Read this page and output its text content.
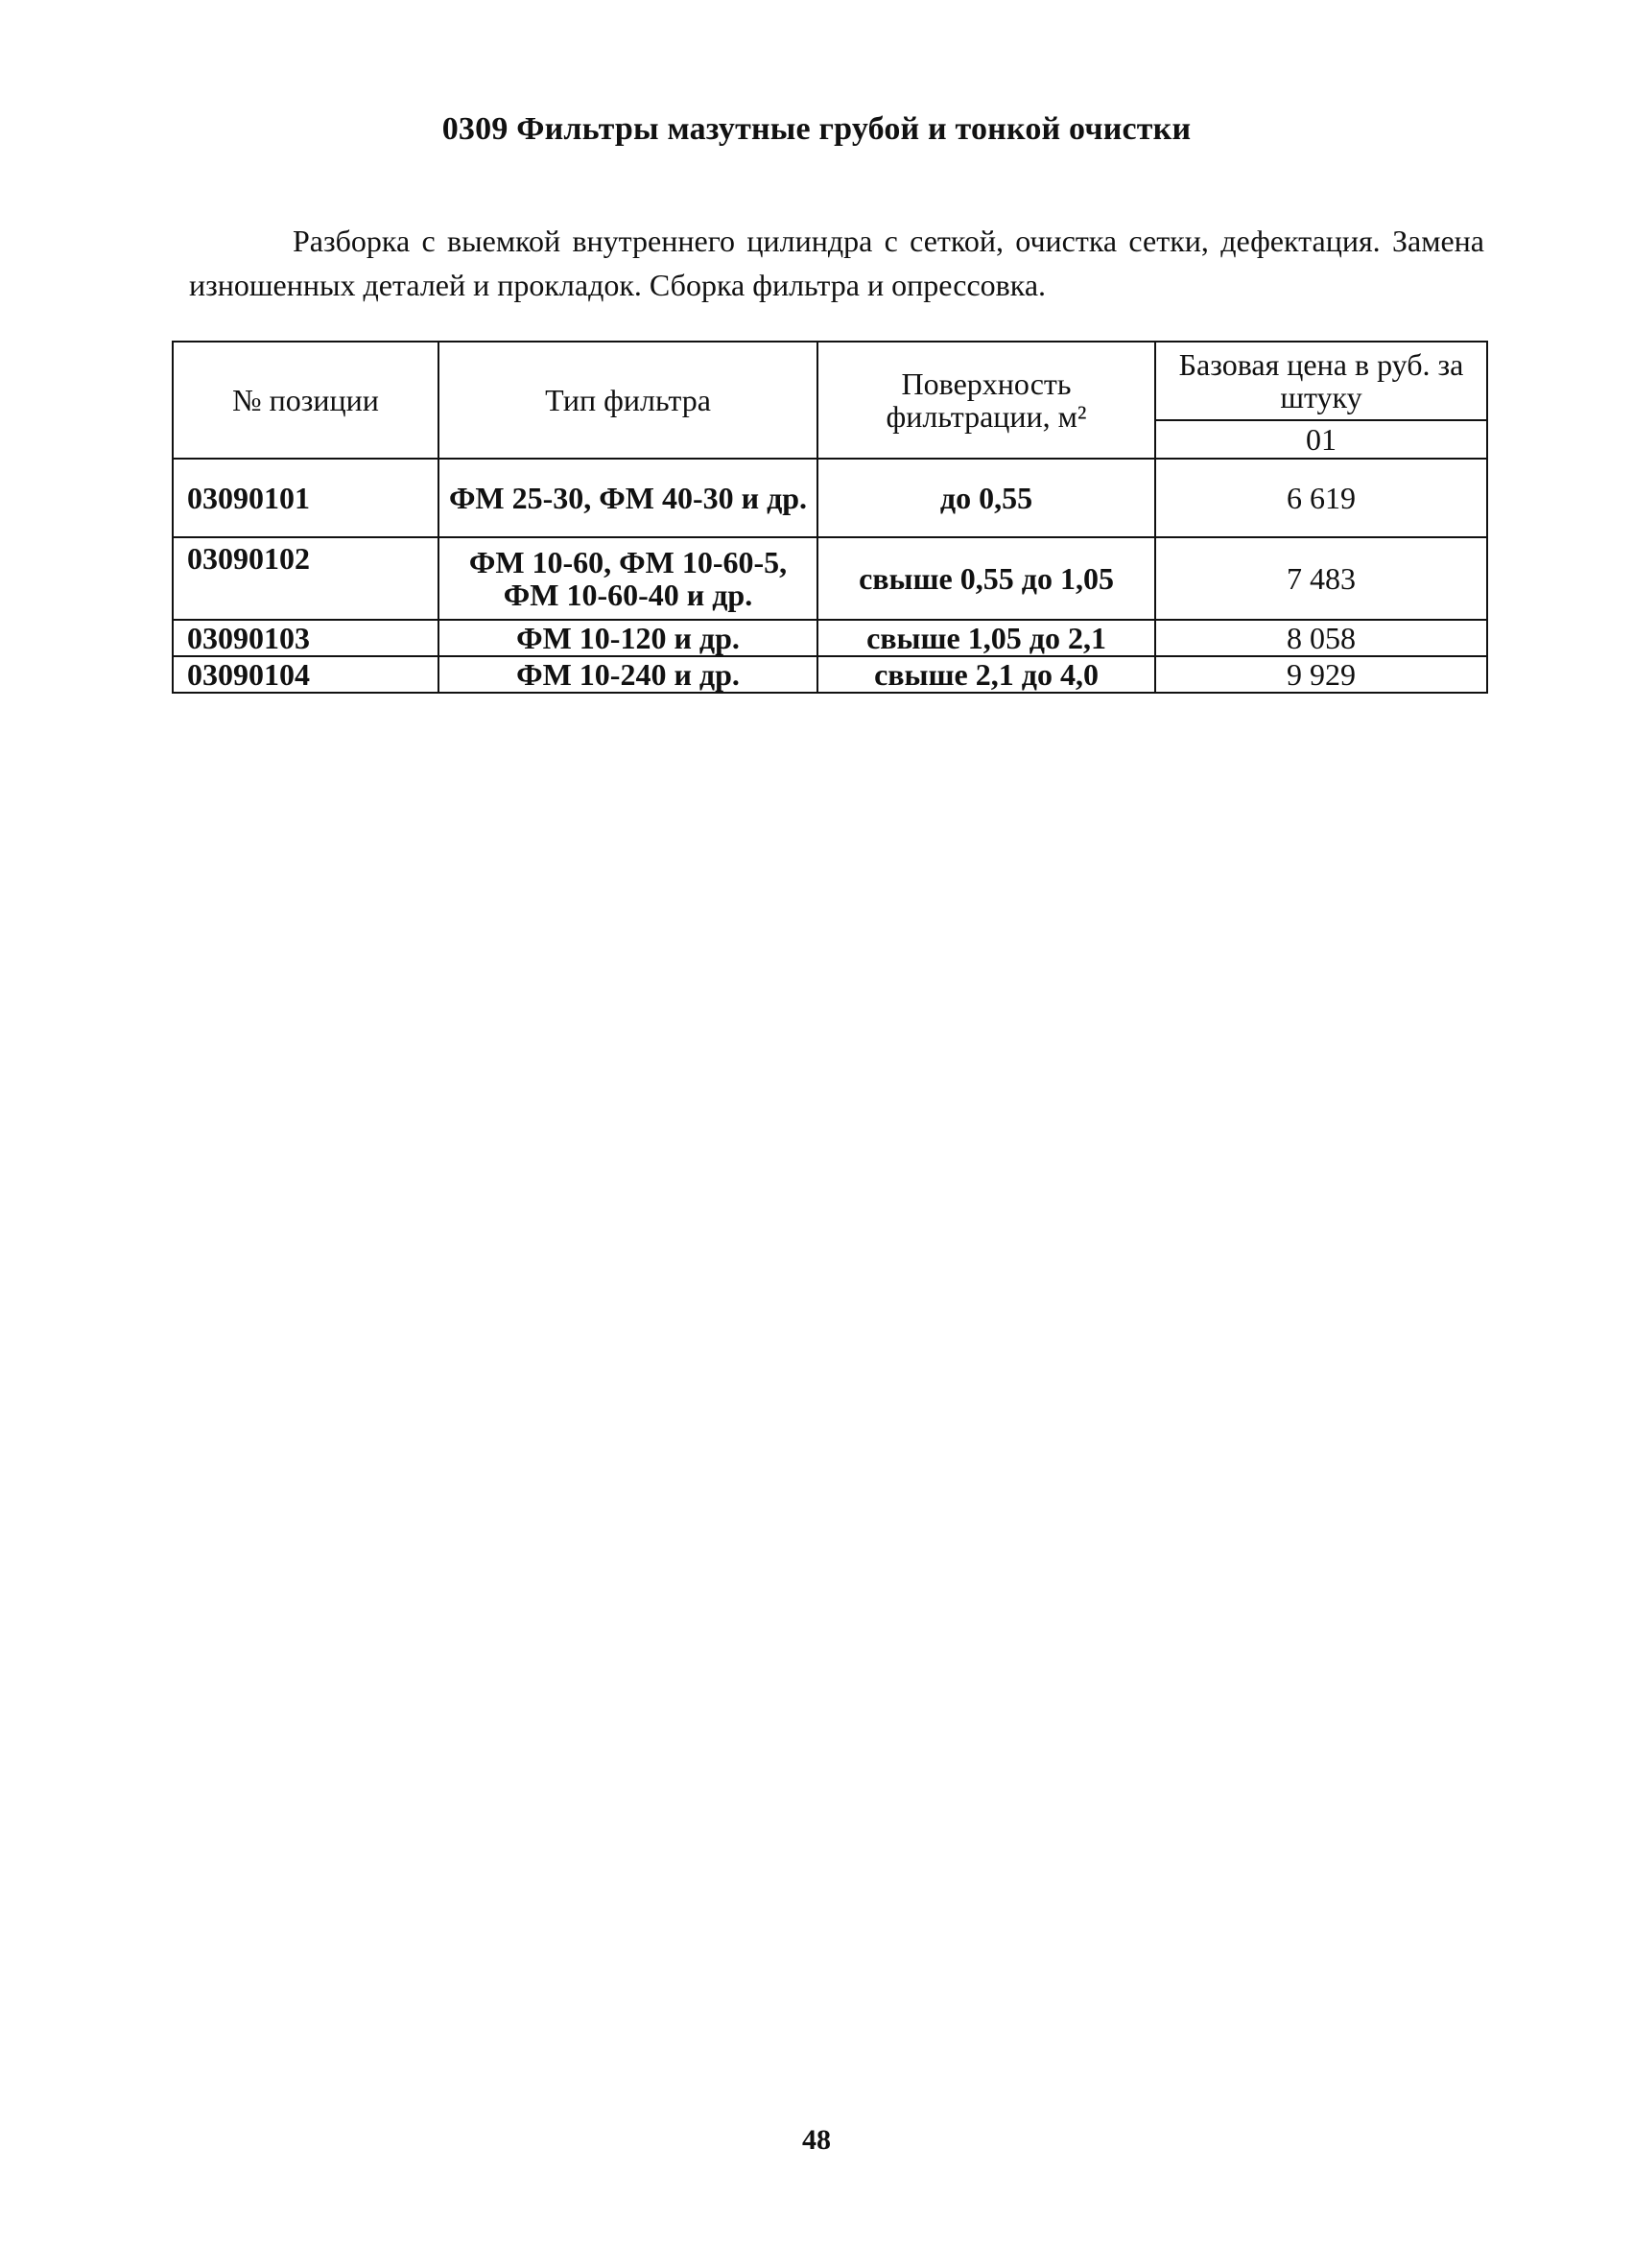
0309 Фильтры мазутные грубой и тонкой очистки

Разборка с выемкой внутреннего цилиндра с сеткой, очистка сетки, дефектация. Замена изношенных деталей и прокладок. Сборка фильтра и опрессовка.

№ позиции	Тип фильтра	Поверхность фильтрации, м²	Базовая цена в руб. за штуку
			01
03090101	ФМ 25-30, ФМ 40-30 и др.	до 0,55	6 619
03090102	ФМ 10-60, ФМ 10-60-5, ФМ 10-60-40 и др.	свыше 0,55 до 1,05	7 483
03090103	ФМ 10-120 и др.	свыше 1,05 до 2,1	8 058
03090104	ФМ 10-240 и др.	свыше 2,1 до 4,0	9 929
48
